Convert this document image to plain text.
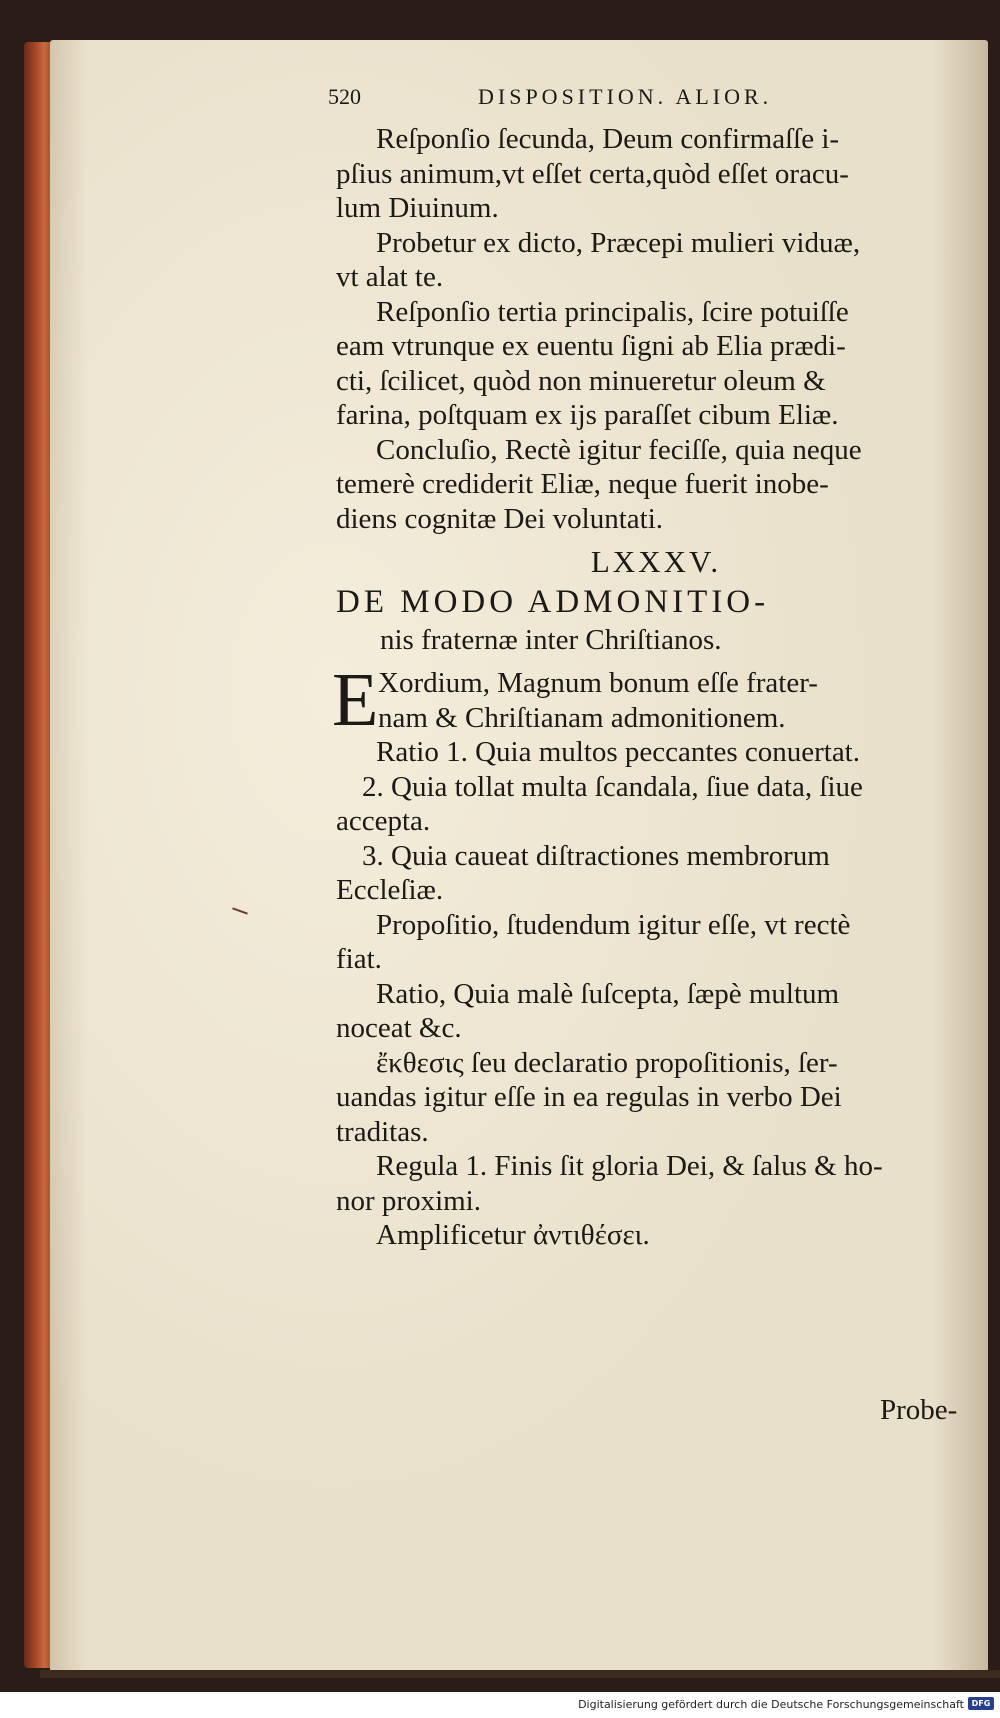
520	DISPOSITION. ALIOR.
Reſponſio ſecunda, Deum confirmaſſe i-
pſius animum,vt eſſet certa,quòd eſſet oracu-
lum Diuinum.
Probetur ex dicto, Præcepi mulieri viduæ,
vt alat te.
Reſponſio tertia principalis, ſcire potuiſſe
eam vtrunque ex euentu ſigni ab Elia prædi-
cti, ſcilicet, quòd non minueretur oleum &
farina, poſtquam ex ijs paraſſet cibum Eliæ.
Concluſio, Rectè igitur feciſſe, quia neque
temerè crediderit Eliæ, neque fuerit inobe-
diens cognitæ Dei voluntati.
LXXXV.
DE MODO ADMONITIO-
nis fraternæ inter Chriſtianos.
E Xordium, Magnum bonum eſſe frater-
nam & Chriſtianam admonitionem.
Ratio 1. Quia multos peccantes conuertat.
2. Quia tollat multa ſcandala, ſiue data, ſiue
accepta.
3. Quia caueat diſtractiones membrorum
Eccleſiæ.
Propoſitio, ſtudendum igitur eſſe, vt rectè
fiat.
Ratio, Quia malè ſuſcepta, ſæpè multum
noceat &c.
ἔκθεσις ſeu declaratio propoſitionis, ſer-
uandas igitur eſſe in ea regulas in verbo Dei
traditas.
Regula 1. Finis ſit gloria Dei, & ſalus & ho-
nor proximi.
Amplificetur ἀντιθέσει.
Probe-
Digitalisierung gefördert durch die Deutsche Forschungsgemeinschaft DFG
